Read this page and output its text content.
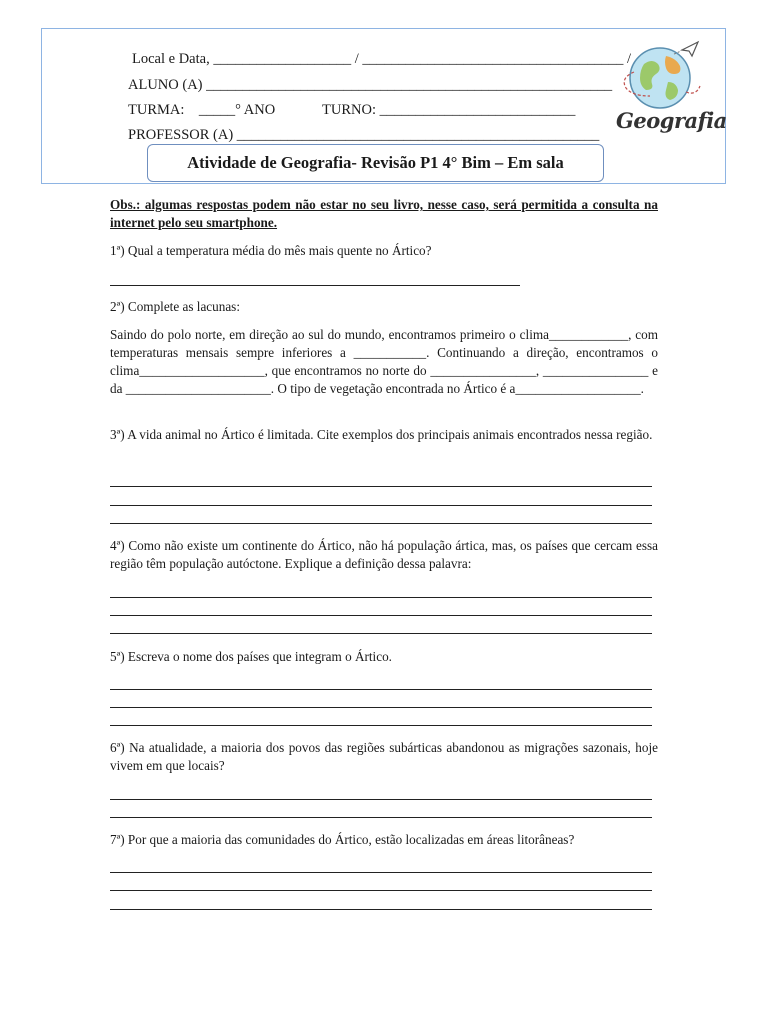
Local e Data, ___________________ / ____________________________________ /
ALUNO (A) ________________________________________________________
TURMA:    _____° ANO             TURNO: ___________________________
PROFESSOR (A) __________________________________________________
Atividade de Geografia- Revisão P1 4° Bim – Em sala
Geografia
Obs.: algumas respostas podem não estar no seu livro, nesse caso, será permitida a consulta na internet pelo seu smartphone.
1ª) Qual a temperatura média do mês mais quente no Ártico?
2ª) Complete as lacunas:
Saindo do polo norte, em direção ao sul do mundo, encontramos primeiro o clima____________, com temperaturas mensais sempre inferiores a ___________. Continuando a direção, encontramos o clima___________________, que encontramos no norte do ________________, ________________ e da ______________________. O tipo de vegetação encontrada no Ártico é a___________________.
3ª) A vida animal no Ártico é limitada. Cite exemplos dos principais animais encontrados nessa região.
4ª) Como não existe um continente do Ártico, não há população ártica, mas, os países que cercam essa região têm população autóctone. Explique a definição dessa palavra:
5ª) Escreva o nome dos países que integram o Ártico.
6ª) Na atualidade, a maioria dos povos das regiões subárticas abandonou as migrações sazonais, hoje vivem em que locais?
7ª) Por que a maioria das comunidades do Ártico, estão localizadas em áreas litorâneas?
